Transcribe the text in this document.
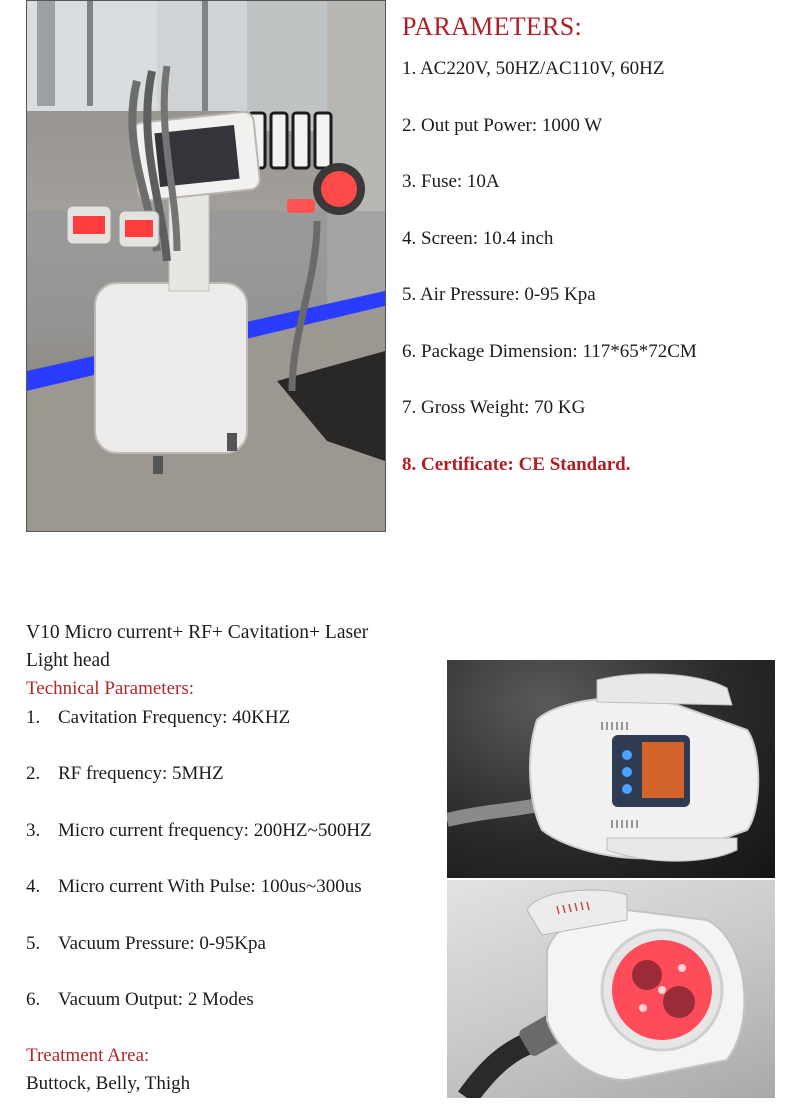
PARAMETERS:
1. AC220V, 50HZ/AC110V, 60HZ
2. Out put Power: 1000 W
3. Fuse: 10A
4. Screen: 10.4 inch
5. Air Pressure: 0-95 Kpa
6. Package Dimension: 117*65*72CM
7. Gross Weight: 70 KG
8. Certificate: CE Standard.
V10 Micro current+ RF+ Cavitation+ Laser
Light head
Technical Parameters:
1. Cavitation Frequency: 40KHZ
2. RF frequency: 5MHZ
3. Micro current frequency: 200HZ~500HZ
4. Micro current With Pulse: 100us~300us
5. Vacuum Pressure: 0-95Kpa
6. Vacuum Output: 2 Modes
Treatment Area:
Buttock, Belly, Thigh
